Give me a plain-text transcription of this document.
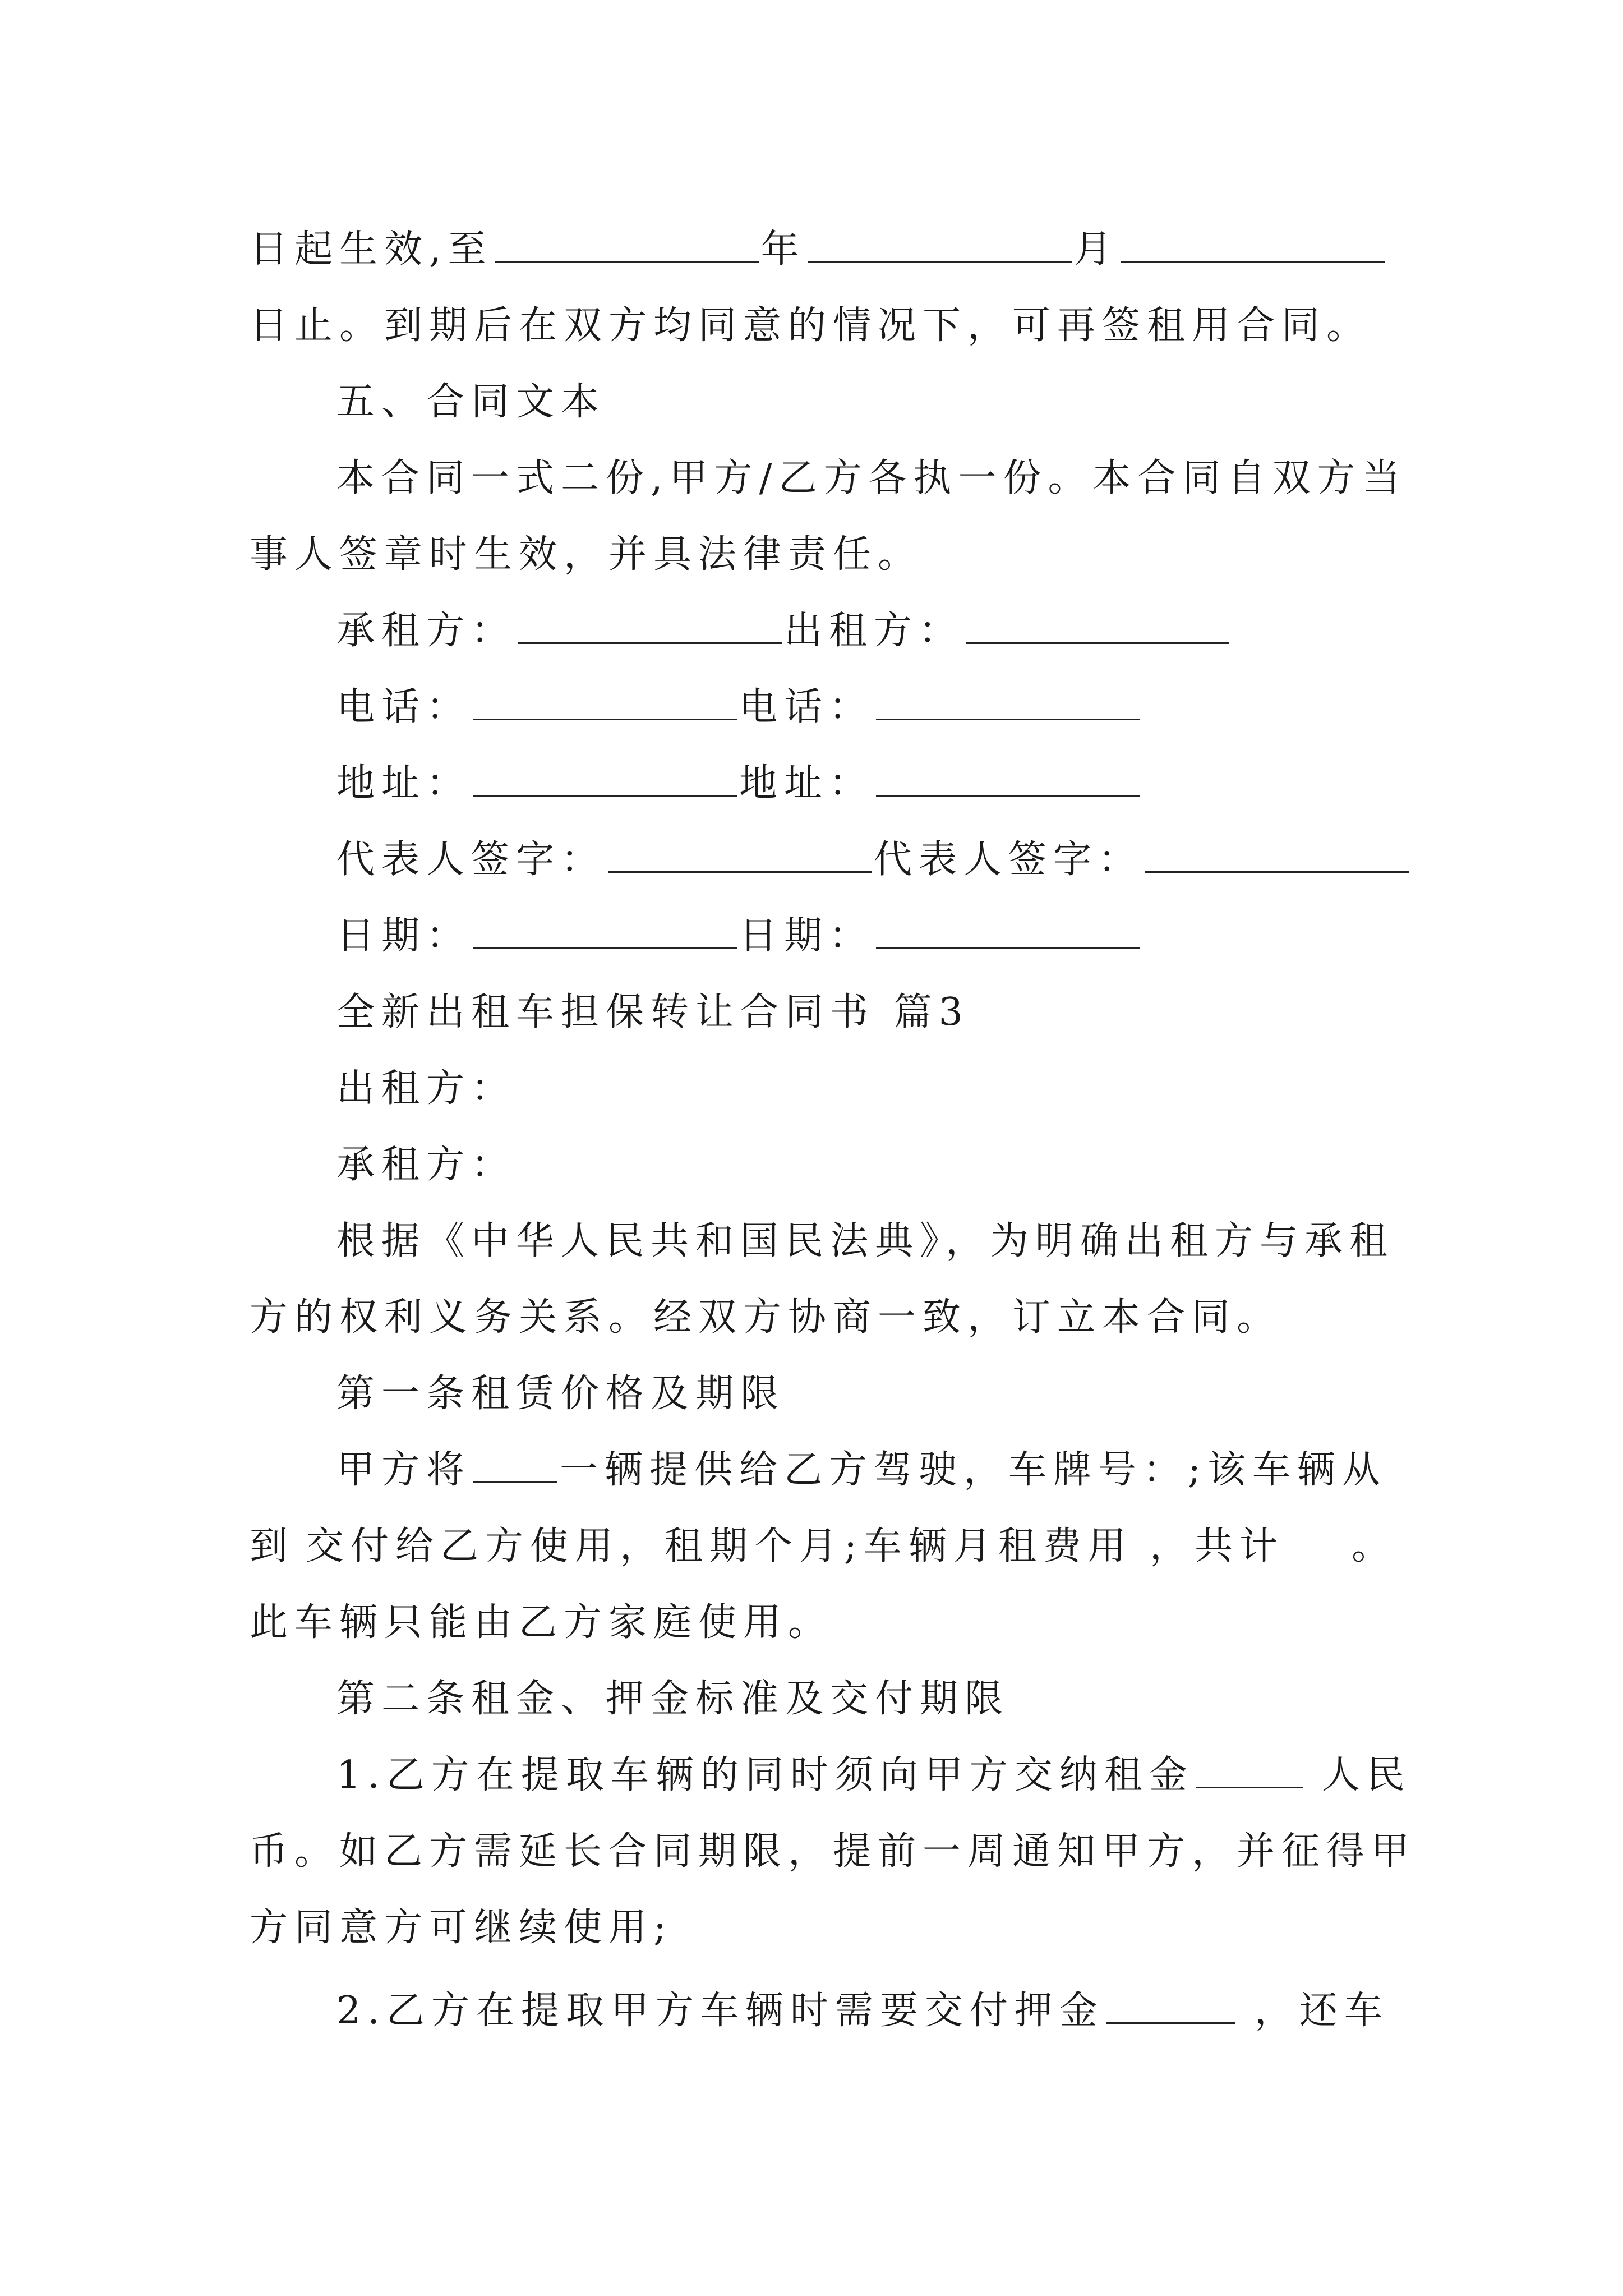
日起生效,至	年	月
日止。到期后在双方均同意的情况下，可再签租用合同。
五、合同文本
本合同一式二份,甲方/乙方各执一份。本合同自双方当
事人签章时生效，并具法律责任。
承租方：	出租方：
电话：	电话：
地址：	地址：
代表人签字：	代表人签字：
日期：	日期：
全新出租车担保转让合同书 篇3
出租方：
承租方：
根据《中华人民共和国民法典》，为明确出租方与承租
方的权利义务关系。经双方协商一致，订立本合同。
第一条租赁价格及期限
甲方将 一辆提供给乙方驾驶，车牌号：;该车辆从
到 交付给乙方使用，租期个月;车辆月租费用 ，共计 。
此车辆只能由乙方家庭使用。
第二条租金、押金标准及交付期限
1.乙方在提取车辆的同时须向甲方交纳租金	人民
币。如乙方需延长合同期限，提前一周通知甲方，并征得甲
方同意方可继续使用;
2.乙方在提取甲方车辆时需要交付押金	，还车
